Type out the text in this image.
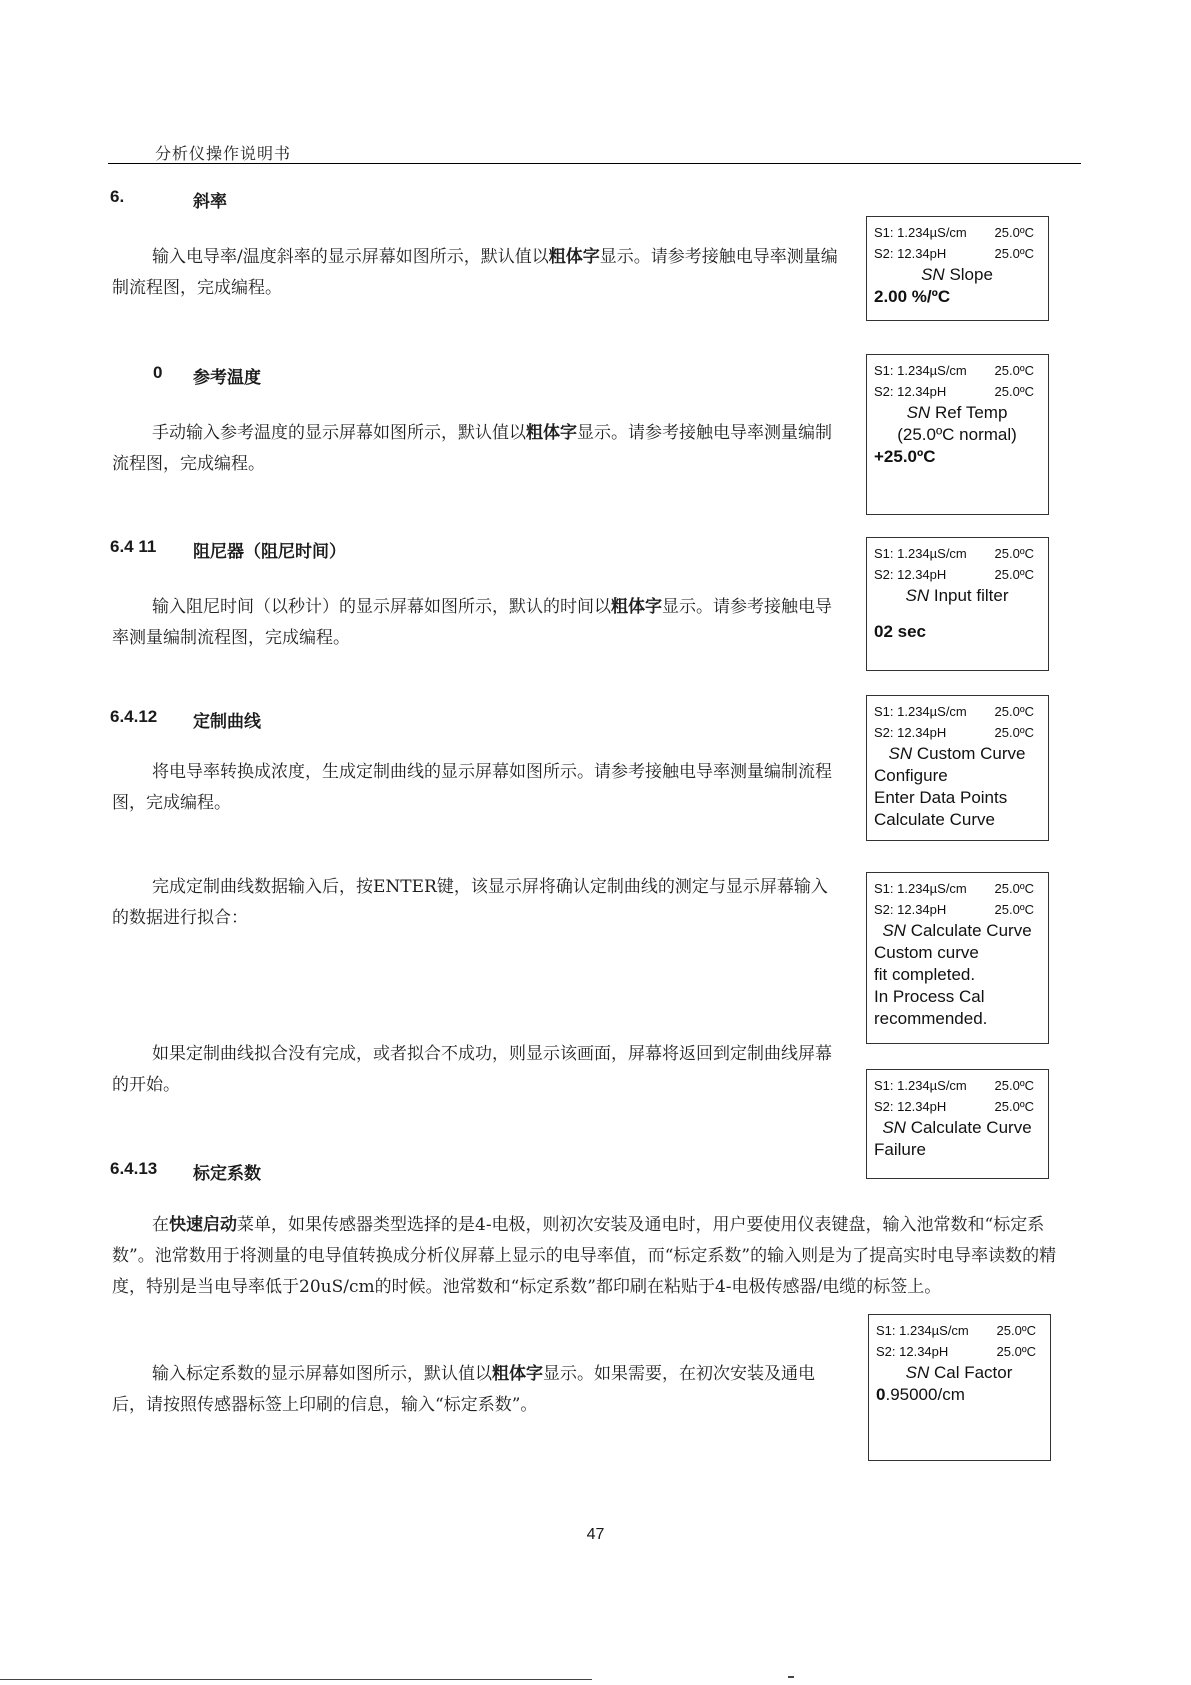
分析仪操作说明书
6.	斜率

输入电导率/温度斜率的显示屏幕如图所示，默认值以粗体字显示。请参考接触电导率测量编制流程图，完成编程。

S1: 1.234µS/cm 25.0ºC
S2: 12.34pH	25.0ºC
SN Slope
2.00 %/ºC
0 参考温度

手动输入参考温度的显示屏幕如图所示，默认值以粗体字显示。请参考接触电导率测量编制流程图，完成编程。

S1: 1.234µS/cm 25.0ºC
S2: 12.34pH	25.0ºC
SN Ref Temp
(25.0ºC normal)
+25.0ºC
6.4 11 阻尼器（阻尼时间）

输入阻尼时间（以秒计）的显示屏幕如图所示，默认的时间以粗体字显示。请参考接触电导率测量编制流程图，完成编程。

S1: 1.234µS/cm 25.0ºC
S2: 12.34pH	25.0ºC
SN Input filter
02 sec
6.4.12 定制曲线

将电导率转换成浓度，生成定制曲线的显示屏幕如图所示。请参考接触电导率测量编制流程图，完成编程。

S1: 1.234µS/cm 25.0ºC
S2: 12.34pH	25.0ºC
SN Custom Curve
Configure
Enter Data Points
Calculate Curve

完成定制曲线数据输入后，按ENTER键，该显示屏将确认定制曲线的测定与显示屏幕输入的数据进行拟合：

S1: 1.234µS/cm 25.0ºC
S2: 12.34pH	25.0ºC
SN Calculate Curve
Custom curve
fit completed.
In Process Cal
recommended.

如果定制曲线拟合没有完成，或者拟合不成功，则显示该画面，屏幕将返回到定制曲线屏幕的开始。	S1: 1.234µS/cm 25.0ºC
S2: 12.34pH	25.0ºC
SN Calculate Curve
Failure
6.4.13 标定系数

在快速启动菜单，如果传感器类型选择的是4-电极，则初次安装及通电时，用户要使用仪表键盘，输入池常数和“标定系数”。池常数用于将测量的电导值转换成分析仪屏幕上显示的电导率值，而“标定系数”的输入则是为了提高实时电导率读数的精度，特别是当电导率低于20uS/cm的时候。池常数和“标定系数”都印刷在粘贴于4-电极传感器/电缆的标签上。

输入标定系数的显示屏幕如图所示，默认值以粗体字显示。如果需要，在初次安装及通电后，请按照传感器标签上印刷的信息，输入“标定系数”。

S1: 1.234µS/cm 25.0ºC
S2: 12.34pH	25.0ºC
SN Cal Factor
0.95000/cm
47
